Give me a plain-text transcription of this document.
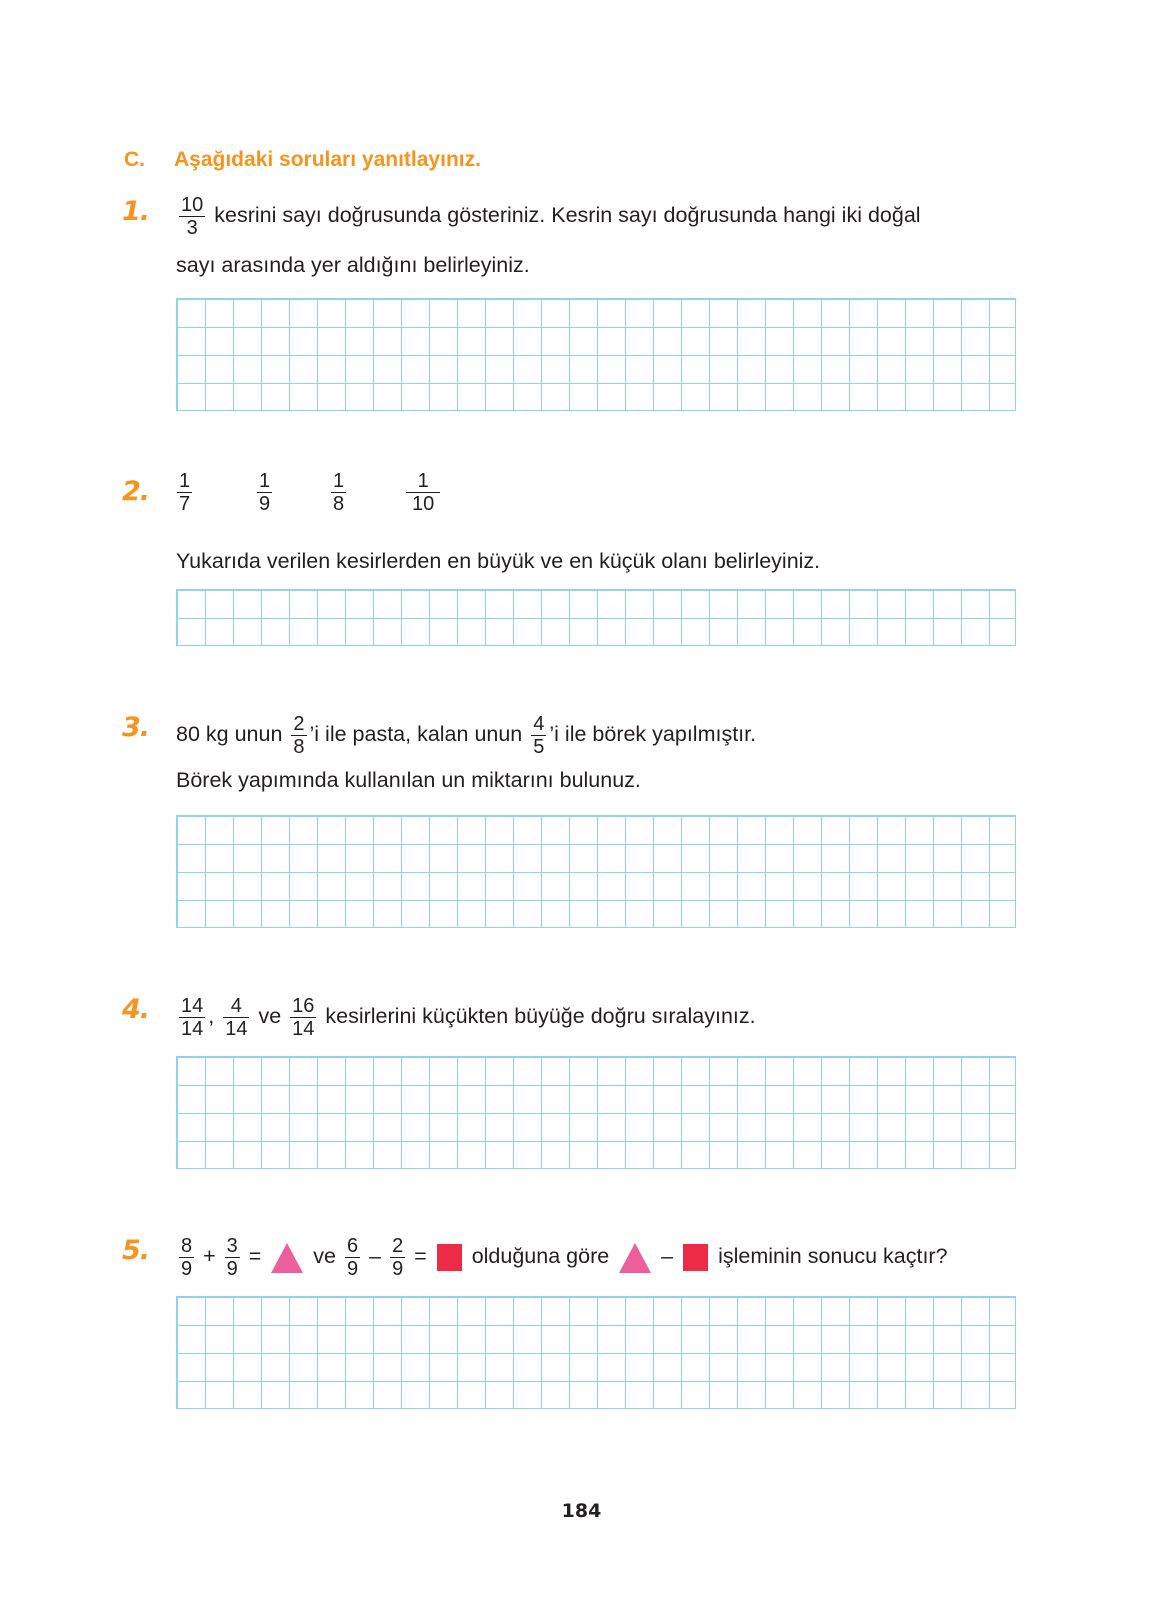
C. Aşağıdaki soruları yanıtlayınız.
1. $\frac{10}{3}$ kesrini sayı doğrusunda gösteriniz. Kesrin sayı doğrusunda hangi iki doğal
sayı arasında yer aldığını belirleyiniz.
2. $\frac{1}{7}$	$\frac{1}{9}$	$\frac{1}{8}$	$\frac{1}{10}$
Yukarıda verilen kesirlerden en büyük ve en küçük olanı belirleyiniz.
3. 80 kg unun $\frac{2}{8}$ ’i ile pasta, kalan unun $\frac{4}{5}$ ’i ile börek yapılmıştır.
Börek yapımında kullanılan un miktarını bulunuz.
4. $\frac{14}{14}$ , $\frac{4}{14}$ ve $\frac{16}{14}$ kesirlerini küçükten büyüğe doğru sıralayınız.
5. $\frac{8}{9} + \frac{3}{9}$ = ve $\frac{6}{9} - \frac{2}{9}$ = olduğuna göre – işleminin sonucu kaçtır?
184
